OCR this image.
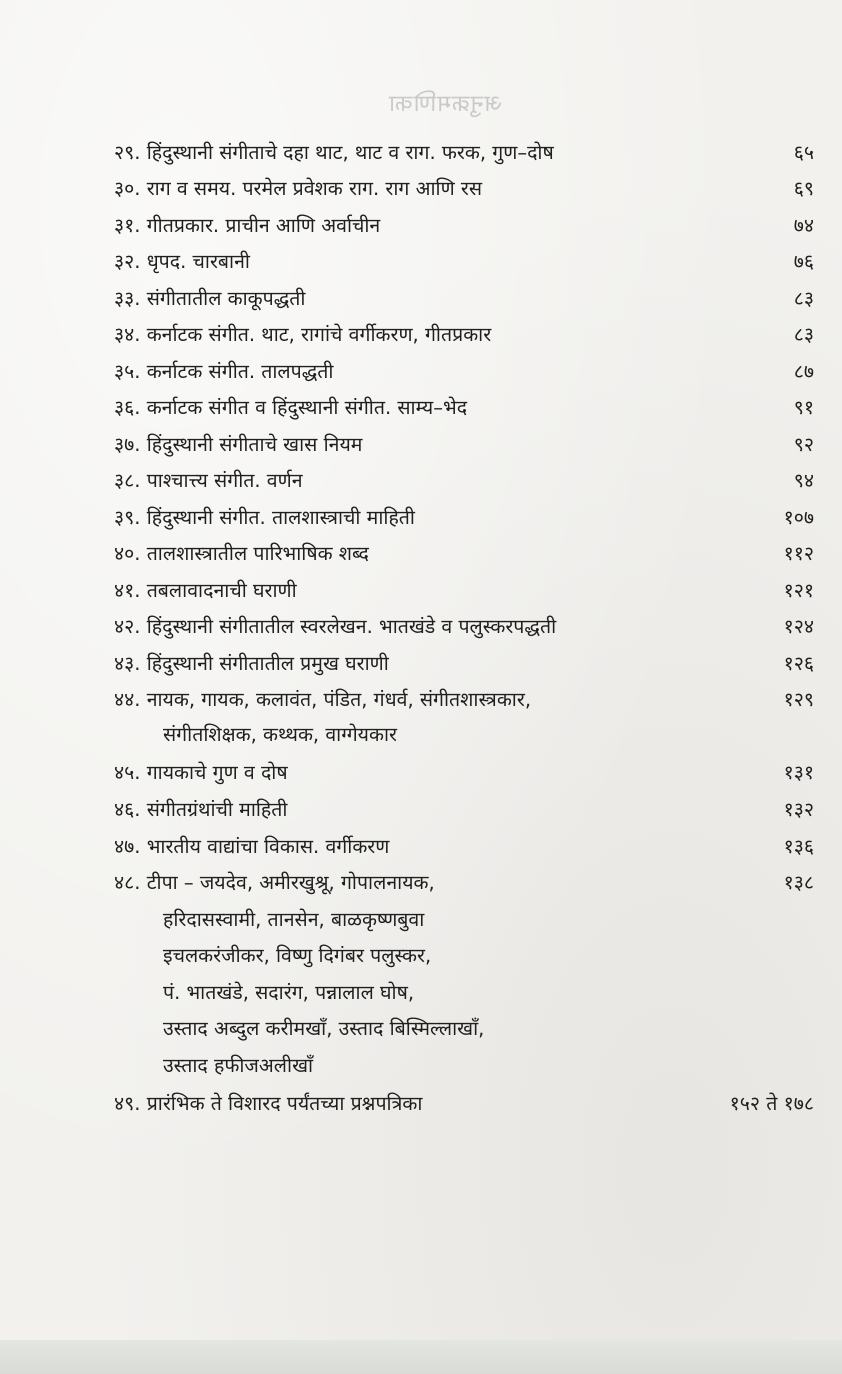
अनुक्रमणिका
२९. हिंदुस्थानी संगीताचे दहा थाट, थाट व राग. फरक, गुण–दोष	६५
३०. राग व समय. परमेल प्रवेशक राग. राग आणि रस	६९
३१. गीतप्रकार. प्राचीन आणि अर्वाचीन	७४
३२. धृपद. चारबानी	७६
३३. संगीतातील काकूपद्धती	८३
३४. कर्नाटक संगीत. थाट, रागांचे वर्गीकरण, गीतप्रकार	८३
३५. कर्नाटक संगीत. तालपद्धती	८७
३६. कर्नाटक संगीत व हिंदुस्थानी संगीत. साम्य–भेद	९१
३७. हिंदुस्थानी संगीताचे खास नियम	९२
३८. पाश्चात्त्य संगीत. वर्णन	९४
३९. हिंदुस्थानी संगीत. तालशास्त्राची माहिती	१०७
४०. तालशास्त्रातील पारिभाषिक शब्द	११२
४१. तबलावादनाची घराणी	१२१
४२. हिंदुस्थानी संगीतातील स्वरलेखन. भातखंडे व पलुस्करपद्धती	१२४
४३. हिंदुस्थानी संगीतातील प्रमुख घराणी	१२६
४४. नायक, गायक, कलावंत, पंडित, गंधर्व, संगीतशास्त्रकार,	१२९
संगीतशिक्षक, कथ्थक, वाग्गेयकार
४५. गायकाचे गुण व दोष	१३१
४६. संगीतग्रंथांची माहिती	१३२
४७. भारतीय वाद्यांचा विकास. वर्गीकरण	१३६
४८. टीपा – जयदेव, अमीरखुश्रू, गोपालनायक,	१३८
हरिदासस्वामी, तानसेन, बाळकृष्णबुवा
इचलकरंजीकर, विष्णु दिगंबर पलुस्कर,
पं. भातखंडे, सदारंग, पन्नालाल घोष,
उस्ताद अब्दुल करीमखाँ, उस्ताद बिस्मिल्लाखाँ,
उस्ताद हफीजअलीखाँ
४९. प्रारंभिक ते विशारद पर्यंतच्या प्रश्नपत्रिका	१५२ ते १७८
